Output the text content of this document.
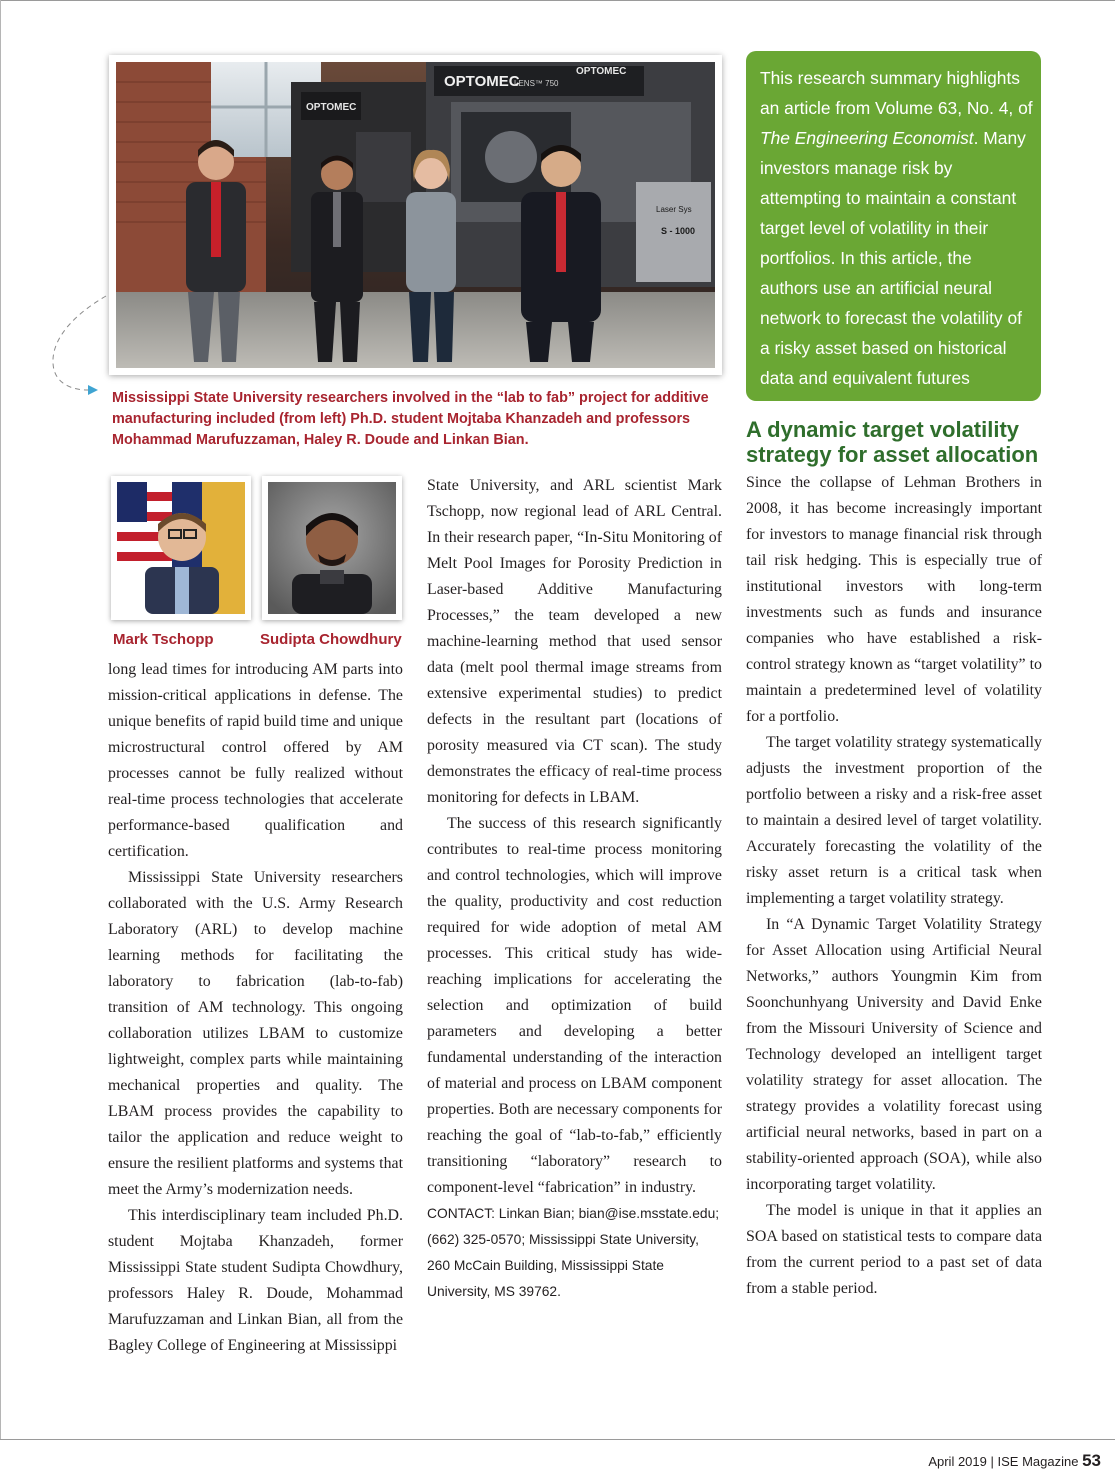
OPTOMEC
OPTOMEC
LENS™ 750
OPTOMEC
Laser Sys
S - 1000
Mississippi State University researchers involved in the “lab to fab” project for additive manufacturing included (from left) Ph.D. student Mojtaba Khanzadeh and professors Mohammad Marufuzzaman, Haley R. Doude and Linkan Bian.
Mark Tschopp	Sudipta Chowdhury

long lead times for introducing AM parts into mission-critical applications in defense. The unique benefits of rapid build time and unique microstructural control offered by AM processes cannot be fully realized without real-time process technologies that accelerate performance-based qualification and certification.

Mississippi State University researchers collaborated with the U.S. Army Research Laboratory (ARL) to develop machine learning methods for facilitating the laboratory to fabrication (lab-to-fab) transition of AM technology. This ongoing collaboration utilizes LBAM to customize lightweight, complex parts while maintaining mechanical properties and quality. The LBAM process provides the capability to tailor the application and reduce weight to ensure the resilient platforms and systems that meet the Army’s modernization needs.

This interdisciplinary team included Ph.D. student Mojtaba Khanzadeh, former Mississippi State student Sudipta Chowdhury, professors Haley R. Doude, Mohammad Marufuzzaman and Linkan Bian, all from the Bagley College of Engineering at Mississippi

State University, and ARL scientist Mark Tschopp, now regional lead of ARL Central. In their research paper, “In-Situ Monitoring of Melt Pool Images for Porosity Prediction in Laser-based Additive Manufacturing Processes,” the team developed a new machine-learning method that used sensor data (melt pool thermal image streams from extensive experimental studies) to predict defects in the resultant part (locations of porosity measured via CT scan). The study demonstrates the efficacy of real-time process monitoring for defects in LBAM.

The success of this research significantly contributes to real-time process monitoring and control technologies, which will improve the quality, productivity and cost reduction required for wide adoption of metal AM processes. This critical study has wide-reaching implications for accelerating the selection and optimization of build parameters and developing a better fundamental understanding of the interaction of material and process on LBAM component properties. Both are necessary components for reaching the goal of “lab-to-fab,” efficiently transitioning “laboratory” research to component-level “fabrication” in industry.

CONTACT: Linkan Bian; bian@ise.msstate.edu; (662) 325-0570; Mississippi State University, 260 McCain Building, Mississippi State University, MS 39762.

This research summary highlights an article from Volume 63, No. 4, of The Engineering Economist. Many investors manage risk by attempting to maintain a constant target level of volatility in their portfolios. In this article, the authors use an artificial neural network to forecast the volatility of a risky asset based on historical data and equivalent futures contracts.
A dynamic target volatility strategy for asset allocation

Since the collapse of Lehman Brothers in 2008, it has become increasingly important for investors to manage financial risk through tail risk hedging. This is especially true of institutional investors with long-term investments such as funds and insurance companies who have established a risk-control strategy known as “target volatility” to maintain a predetermined level of volatility for a portfolio.

The target volatility strategy systematically adjusts the investment proportion of the portfolio between a risky and a risk-free asset to maintain a desired level of target volatility. Accurately forecasting the volatility of the risky asset return is a critical task when implementing a target volatility strategy.

In “A Dynamic Target Volatility Strategy for Asset Allocation using Artificial Neural Networks,” authors Youngmin Kim from Soonchunhyang University and David Enke from the Missouri University of Science and Technology developed an intelligent target volatility strategy for asset allocation. The strategy provides a volatility forecast using artificial neural networks, based in part on a stability-oriented approach (SOA), while also incorporating target volatility.

The model is unique in that it applies an SOA based on statistical tests to compare data from the current period to a past set of data from a stable period.

April 2019 | ISE Magazine 53
